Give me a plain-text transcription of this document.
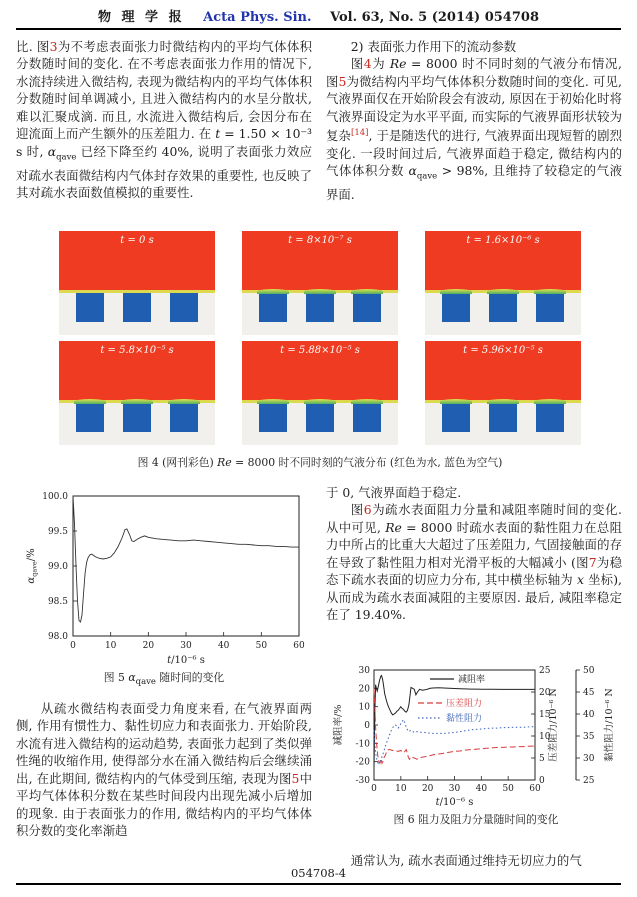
物 理 学 报 Acta Phys. Sin. Vol. 63, No. 5 (2014) 054708
比. 图3为不考虑表面张力时微结构内的平均气体体积分数随时间的变化. 在不考虑表面张力作用的情况下, 水流持续进入微结构, 表现为微结构内的平均气体体积分数随时间单调减小, 且进入微结构内的水呈分散状, 难以汇聚成滴. 而且, 水流进入微结构后, 会因分布在迎流面上而产生额外的压差阻力. 在 t = 1.50 × 10⁻³ s 时, $\alpha_{qave}$ 已经下降至约 40%, 说明了表面张力效应对疏水表面微结构内气体封存效果的重要性, 也反映了其对疏水表面数值模拟的重要性.
2) 表面张力作用下的流动参数
图4为 Re = 8000 时不同时刻的气液分布情况, 图5为微结构内平均气体体积分数随时间的变化. 可见, 气液界面仅在开始阶段会有波动, 原因在于初始化时将气液界面设定为水平平面, 而实际的气液界面形状较为复杂[14], 于是随迭代的进行, 气液界面出现短暂的剧烈变化. 一段时间过后, 气液界面趋于稳定, 微结构内的气体体积分数 $\alpha_{qave} > 98\%$, 且维持了较稳定的气液界面.
t = 0 s	t = 8×10⁻⁷ s	t = 1.6×10⁻⁶ s
t = 5.8×10⁻⁵ s	t = 5.88×10⁻⁵ s	t = 5.96×10⁻⁵ s
图 4 (网刊彩色) Re = 8000 时不同时刻的气液分布 (红色为水, 蓝色为空气)
0	10	20	30	40	50	60
98.0
98.5
99.0
99.5
100.0
t/10⁻⁶ s
$\alpha_{qave}/\%$
图 5 $\alpha_{qave}$ 随时间的变化
从疏水微结构表面受力角度来看, 在气液界面两侧, 作用有惯性力、黏性切应力和表面张力. 开始阶段, 水流有进入微结构的运动趋势, 表面张力起到了类似弹性绳的收缩作用, 使得部分水在涌入微结构后会继续涌出, 在此期间, 微结构内的气体受到压缩, 表现为图5中平均气体体积分数在某些时间段内出现先减小后增加的现象. 由于表面张力的作用, 微结构内的平均气体体积分数的变化率渐趋
于 0, 气液界面趋于稳定.
图6为疏水表面阻力分量和减阻率随时间的变化. 从中可见, Re = 8000 时疏水表面的黏性阻力在总阻力中所占的比重大大超过了压差阻力, 气固接触面的存在导致了黏性阻力相对光滑平板的大幅减小 (图7为稳态下疏水表面的切应力分布, 其中横坐标轴为 x 坐标), 从而成为疏水表面减阻的主要原因. 最后, 减阻率稳定在了 19.40%.
0 10 20 30 40 50 60
-30
-20
-10
0
10
20
30
0
5
10
15
20
25
25
30
35
40
45
50
t/10⁻⁶ s
减阻率/%	压差阻力/10⁻⁶ N	黏性阻力/10⁻⁶ N
减阻率
压差阻力
黏性阻力
图 6 阻力及阻力分量随时间的变化
通常认为, 疏水表面通过维持无切应力的气
054708-4
